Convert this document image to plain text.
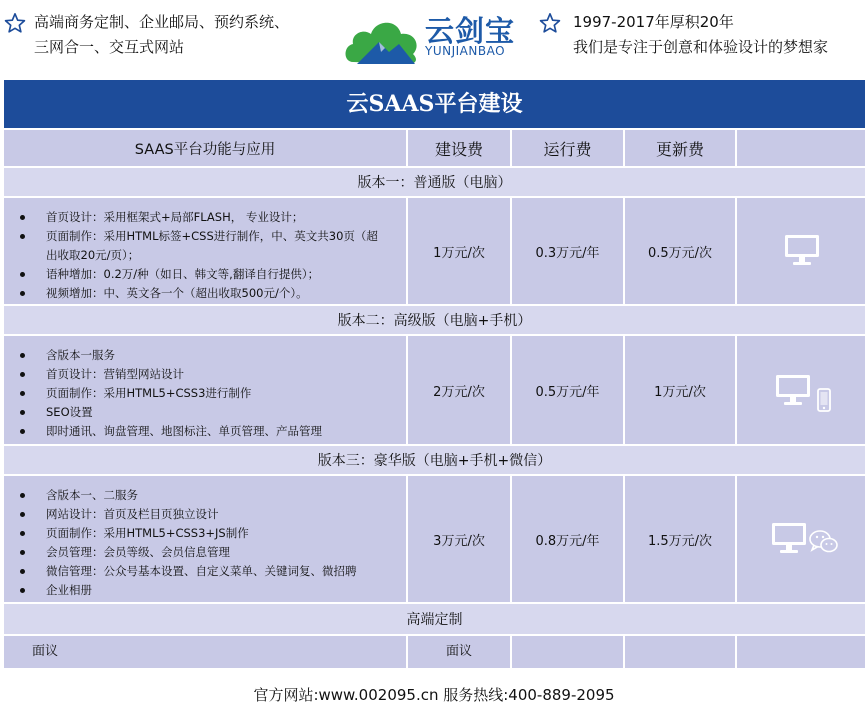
高端商务定制、企业邮局、预约系统、
三网合一、交互式网站	云剑宝
YUNJIANBAO
1997-2017年厚积20年
我们是专注于创意和体验设计的梦想家
云SAAS平台建设
SAAS平台功能与应用	建设费	运行费	更新费
版本一：普通版（电脑）
首页设计：采用框架式+局部FLASH， 专业设计；
页面制作：采用HTML标签+CSS进行制作，中、英文共30页（超
出收取20元/页）；
语种增加：0.2万/种（如日、韩文等,翻译自行提供）；
视频增加：中、英文各一个（超出收取500元/个）。
1万元/次	0.3万元/年	0.5万元/次
版本二：高级版（电脑+手机）
含版本一服务
首页设计：营销型网站设计
页面制作：采用HTML5+CSS3进行制作
SEO设置
即时通讯、询盘管理、地图标注、单页管理、产品管理
2万元/次	0.5万元/年	1万元/次
版本三：豪华版（电脑+手机+微信）
含版本一、二服务
网站设计：首页及栏目页独立设计
页面制作：采用HTML5+CSS3+JS制作
会员管理：会员等级、会员信息管理
微信管理：公众号基本设置、自定义菜单、关键词复、微招聘
企业相册
3万元/次	0.8万元/年	1.5万元/次
高端定制
面议	面议
官方网站:www.002095.cn 服务热线:400-889-2095
